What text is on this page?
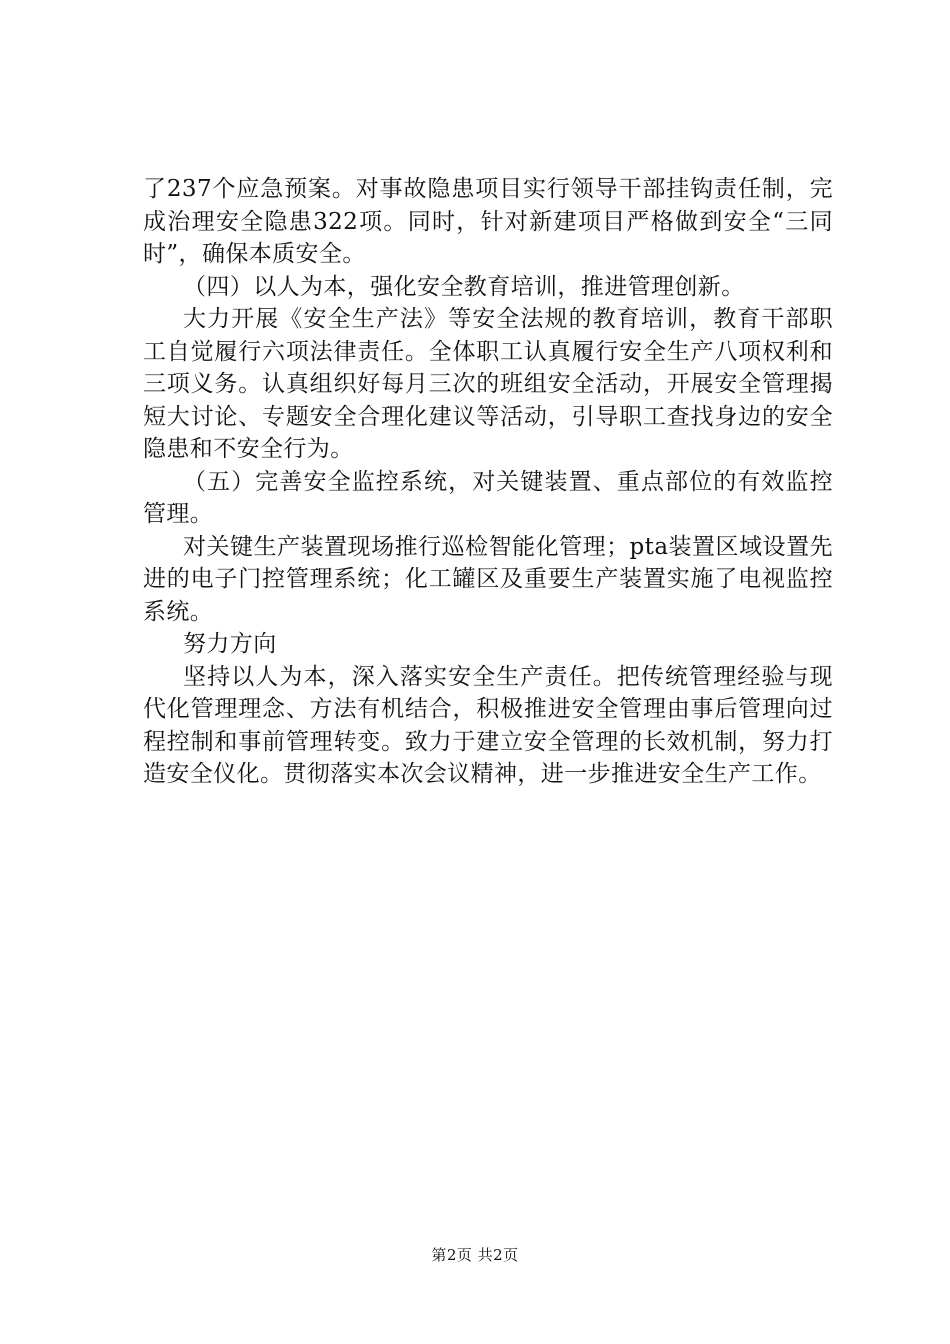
了237个应急预案。对事故隐患项目实行领导干部挂钩责任制，完成治理安全隐患322项。同时，针对新建项目严格做到安全“三同时”，确保本质安全。

（四）以人为本，强化安全教育培训，推进管理创新。

大力开展《安全生产法》等安全法规的教育培训，教育干部职工自觉履行六项法律责任。全体职工认真履行安全生产八项权利和三项义务。认真组织好每月三次的班组安全活动，开展安全管理揭短大讨论、专题安全合理化建议等活动，引导职工查找身边的安全隐患和不安全行为。

（五）完善安全监控系统，对关键装置、重点部位的有效监控管理。

对关键生产装置现场推行巡检智能化管理；pta装置区域设置先进的电子门控管理系统；化工罐区及重要生产装置实施了电视监控系统。

努力方向

坚持以人为本，深入落实安全生产责任。把传统管理经验与现代化管理理念、方法有机结合，积极推进安全管理由事后管理向过程控制和事前管理转变。致力于建立安全管理的长效机制，努力打造安全仪化。贯彻落实本次会议精神，进一步推进安全生产工作。

第2页 共2页
